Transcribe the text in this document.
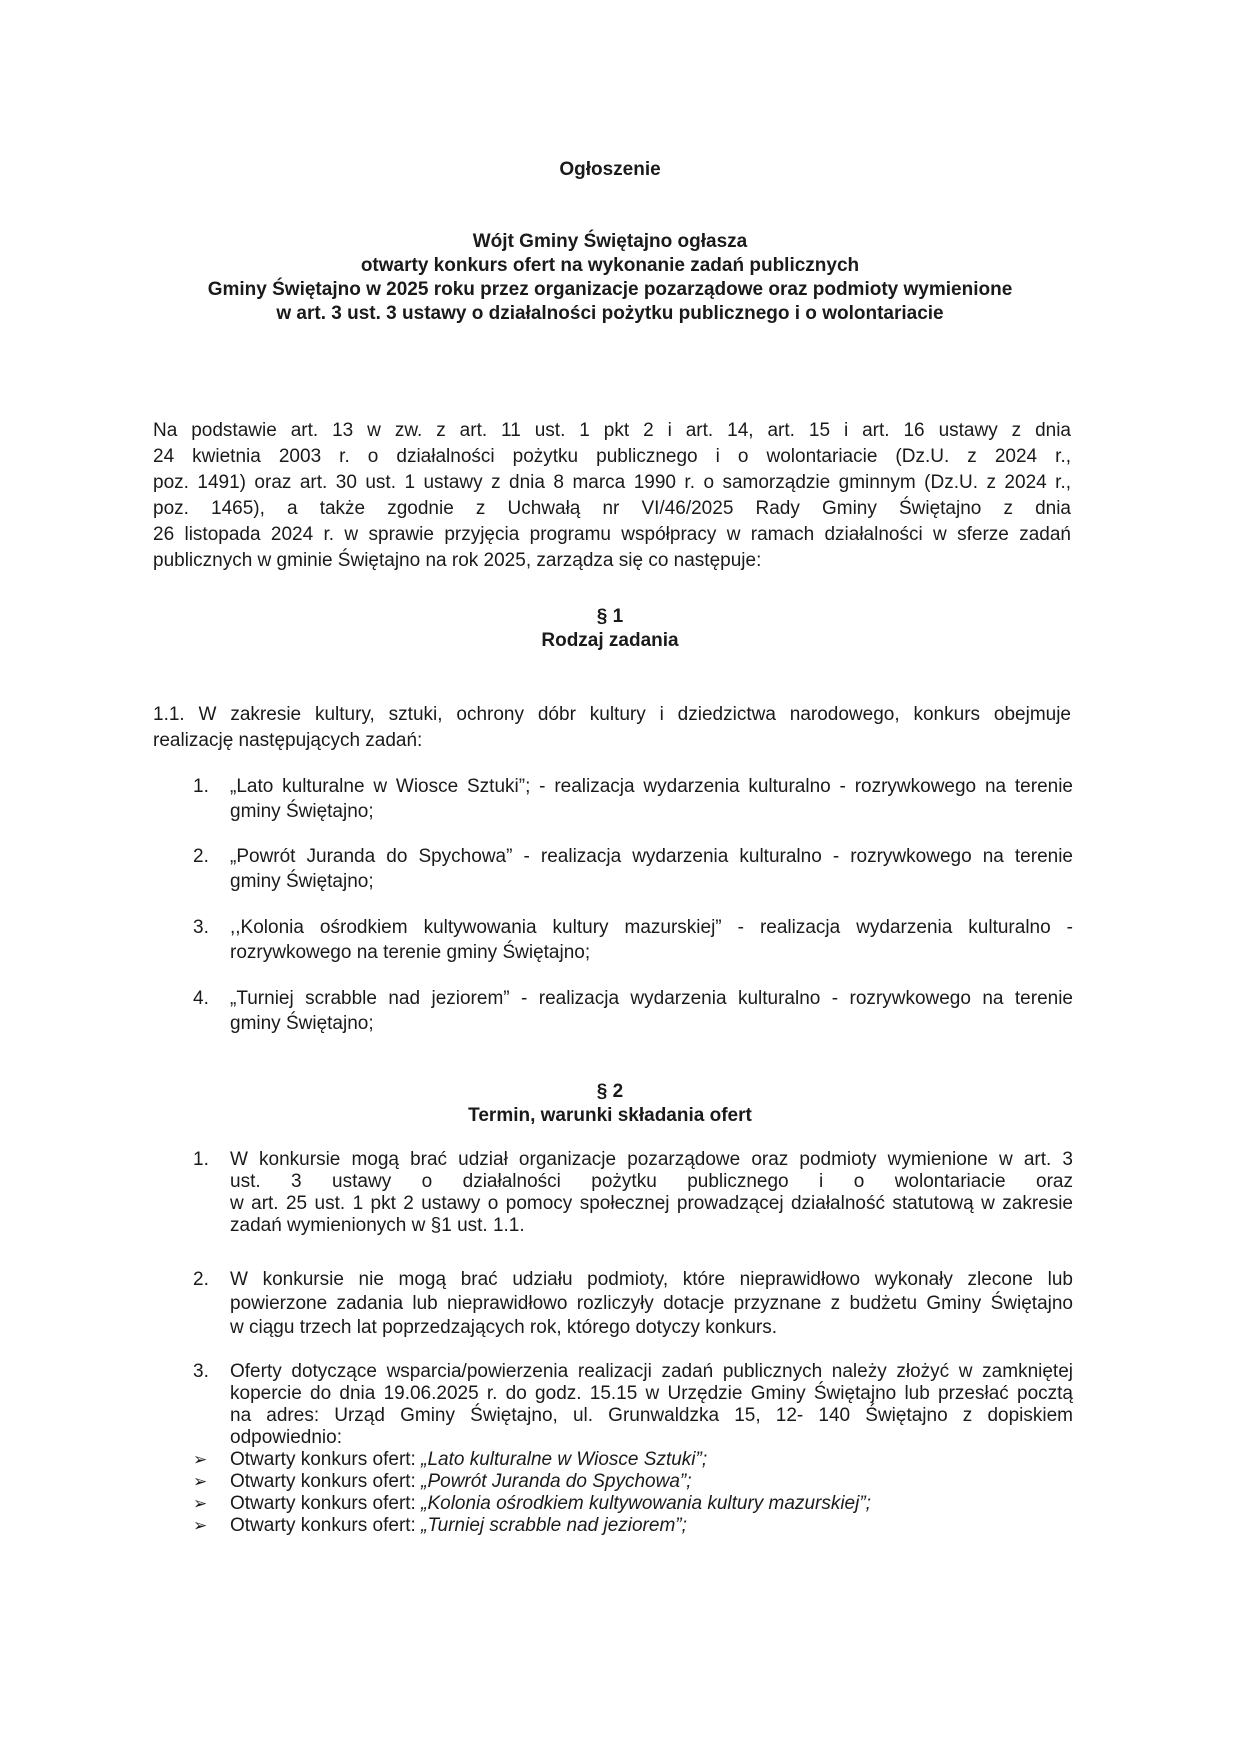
Ogłoszenie
Wójt Gminy Świętajno ogłasza
otwarty konkurs ofert na wykonanie zadań publicznych
Gminy Świętajno w 2025 roku przez organizacje pozarządowe oraz podmioty wymienione
w art. 3 ust. 3 ustawy o działalności pożytku publicznego i o wolontariacie
Na podstawie art. 13 w zw. z art. 11 ust. 1 pkt 2 i art. 14, art. 15 i art. 16 ustawy z dnia
24 kwietnia 2003 r. o działalności pożytku publicznego i o wolontariacie (Dz.U. z 2024 r.,
poz. 1491) oraz art. 30 ust. 1 ustawy z dnia 8 marca 1990 r. o samorządzie gminnym (Dz.U. z 2024 r.,
poz. 1465), a także zgodnie z Uchwałą nr VI/46/2025 Rady Gminy Świętajno z dnia
26 listopada 2024 r. w sprawie przyjęcia programu współpracy w ramach działalności w sferze zadań
publicznych w gminie Świętajno na rok 2025, zarządza się co następuje:
§ 1
Rodzaj zadania
1.1. W zakresie kultury, sztuki, ochrony dóbr kultury i dziedzictwa narodowego, konkurs obejmuje
realizację następujących zadań:
1.	„Lato kulturalne w Wiosce Sztuki”; - realizacja wydarzenia kulturalno - rozrywkowego na terenie
gminy Świętajno;
2.	„Powrót Juranda do Spychowa” - realizacja wydarzenia kulturalno - rozrywkowego na terenie
gminy Świętajno;
3.	,,Kolonia ośrodkiem kultywowania kultury mazurskiej” - realizacja wydarzenia kulturalno -
rozrywkowego na terenie gminy Świętajno;
4.	„Turniej scrabble nad jeziorem” - realizacja wydarzenia kulturalno - rozrywkowego na terenie
gminy Świętajno;
§ 2
Termin, warunki składania ofert
1.	W konkursie mogą brać udział organizacje pozarządowe oraz podmioty wymienione w art. 3
ust. 3 ustawy o działalności pożytku publicznego i o wolontariacie oraz
w art. 25 ust. 1 pkt 2 ustawy o pomocy społecznej prowadzącej działalność statutową w zakresie
zadań wymienionych w §1 ust. 1.1.
2.	W konkursie nie mogą brać udziału podmioty, które nieprawidłowo wykonały zlecone lub
powierzone zadania lub nieprawidłowo rozliczyły dotacje przyznane z budżetu Gminy Świętajno
w ciągu trzech lat poprzedzających rok, którego dotyczy konkurs.
3.	Oferty dotyczące wsparcia/powierzenia realizacji zadań publicznych należy złożyć w zamkniętej
kopercie do dnia 19.06.2025 r. do godz. 15.15 w Urzędzie Gminy Świętajno lub przesłać pocztą
na adres: Urząd Gminy Świętajno, ul. Grunwaldzka 15, 12- 140 Świętajno z dopiskiem
odpowiednio:
➢ Otwarty konkurs ofert: „Lato kulturalne w Wiosce Sztuki”;
➢ Otwarty konkurs ofert: „Powrót Juranda do Spychowa”;
➢ Otwarty konkurs ofert: „Kolonia ośrodkiem kultywowania kultury mazurskiej”;
➢ Otwarty konkurs ofert: „Turniej scrabble nad jeziorem”;
